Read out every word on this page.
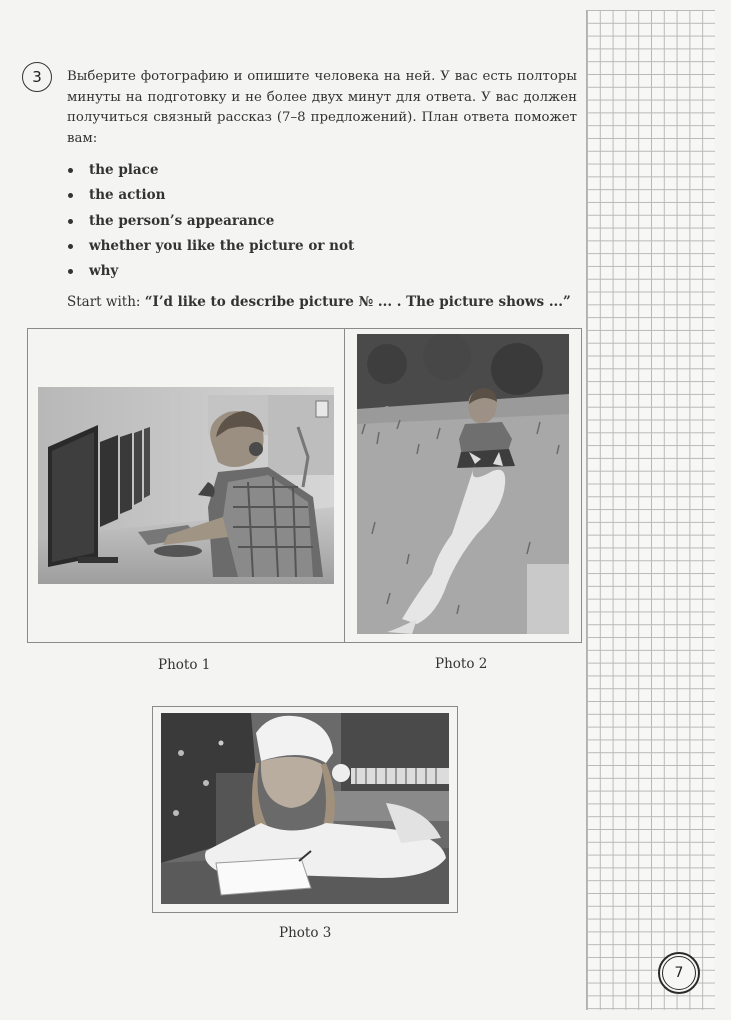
3 Выберите фотографию и опишите человека на ней. У вас есть полторы минуты на подготовку и не более двух минут для ответа. У вас должен получиться связный рассказ (7–8 предложений). План ответа поможет вам:
the place
the action
the person’s appearance
whether you like the picture or not
why
Start with: “I’d like to describe picture № ... . The picture shows ...”
Photo 1	Photo 2
Photo 3
7
